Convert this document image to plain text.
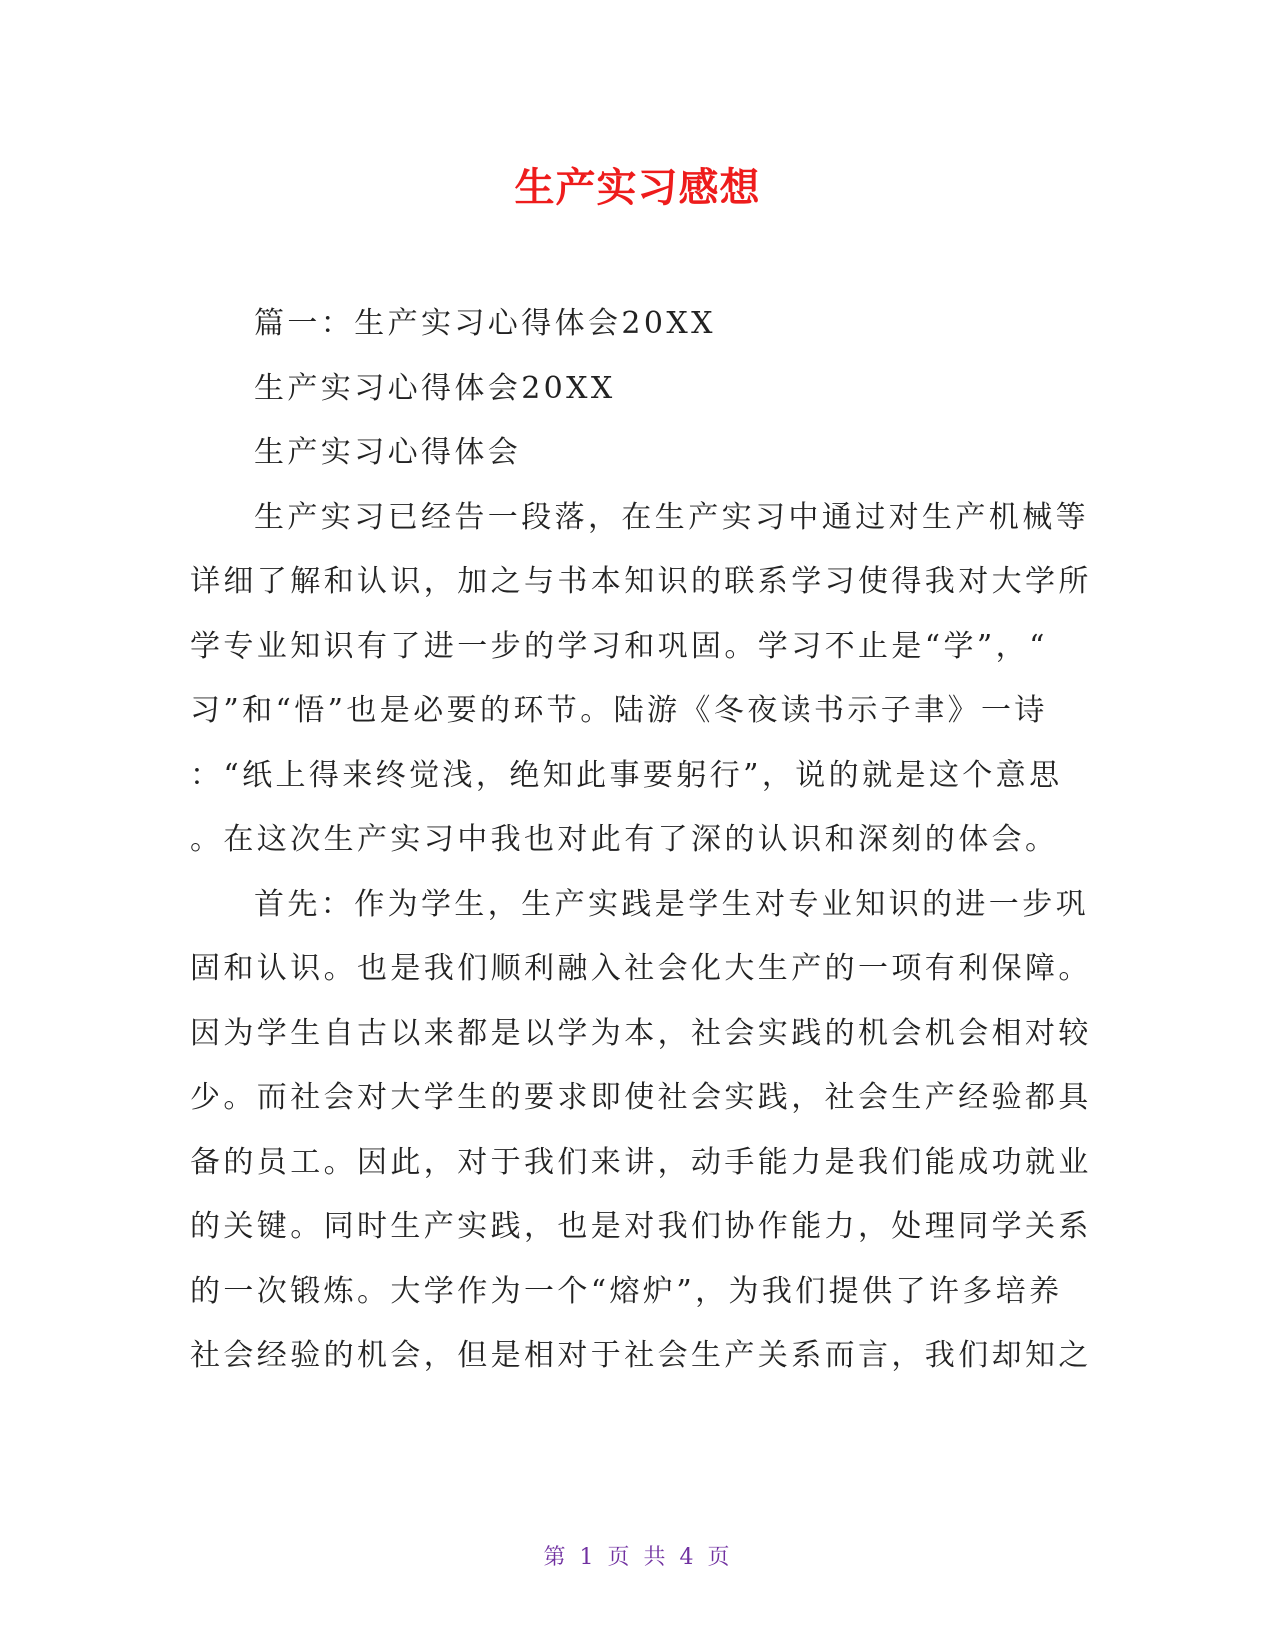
生产实习感想
篇一：生产实习心得体会20XX
生产实习心得体会20XX
生产实习心得体会
生产实习已经告一段落，在生产实习中通过对生产机械等
详细了解和认识，加之与书本知识的联系学习使得我对大学所
学专业知识有了进一步的学习和巩固。学习不止是“学”，“
习”和“悟”也是必要的环节。陆游《冬夜读书示子聿》一诗
：“纸上得来终觉浅，绝知此事要躬行”，说的就是这个意思
。在这次生产实习中我也对此有了深的认识和深刻的体会。
首先：作为学生，生产实践是学生对专业知识的进一步巩
固和认识。也是我们顺利融入社会化大生产的一项有利保障。
因为学生自古以来都是以学为本，社会实践的机会机会相对较
少。而社会对大学生的要求即使社会实践，社会生产经验都具
备的员工。因此，对于我们来讲，动手能力是我们能成功就业
的关键。同时生产实践，也是对我们协作能力，处理同学关系
的一次锻炼。大学作为一个“熔炉”，为我们提供了许多培养
社会经验的机会，但是相对于社会生产关系而言，我们却知之
第 1 页 共 4 页
